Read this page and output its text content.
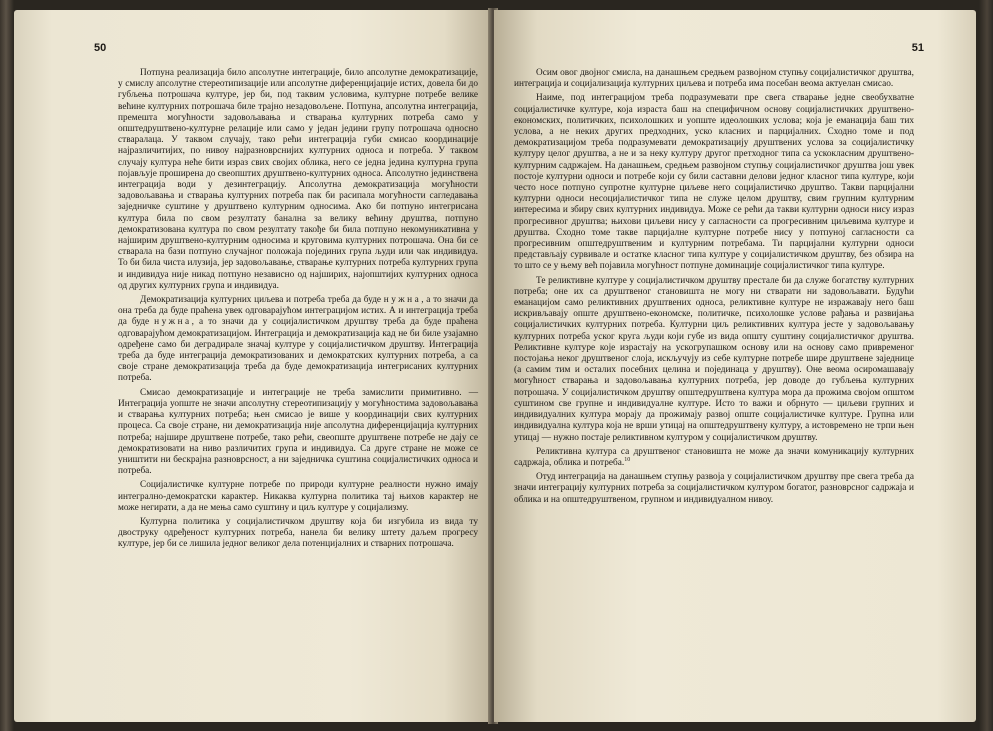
50

Потпуна реализација било апсолутне интеграције, било апсолутне демократизације, у смислу апсолутне стереотипизације или апсолутне диференцијације истих, довела би до губљења потрошача културе, јер би, под таквим условима, културне потребе велике већине културних потрошача биле трајно незадовољене. Потпуна, апсолутна интеграција, премешта могућности задовољавања и стварања културних потреба само у општедруштвено-културне релације или само у један једини групу потрошача односно стваралаца. У таквом случају, тако рећи интеграција губи смисао координације најразличитијих, по нивоу најразноврснијих културних односа и потреба. У таквом случају култура неће бити израз свих својих облика, него се једна једина културна група појављује проширена до свеопштих друштвено-културних односа. Апсолутно јединствена интеграција води у дезинтеграцију. Апсолутна демократизација могућности задовољавања и стварања културних потреба пак би расипала могућности сагледавања заједничке суштине у друштвено културним односима. Ако би потпуно интегрисана култура била по свом резултату банална за велику већину друштва, потпуно демократизована култура по свом резултату такође би била потпуно некомуникативна у најширим друштвено-културним односима и круговима културних потрошача. Она би се стварала на бази потпуно случајног положаја појединих група људи или чак индивидуа. То би била чиста илузија, јер задовољавање, стварање културних потреба културних група и индивидуа није никад потпуно независно од најширих, најопштијих културних односа од других културних група и индивидуа.

Демократизација културних циљева и потреба треба да буде нужна, а то значи да она треба да буде праћена увек одговарајућом интеграцијом истих. А и интеграција треба да буде нужна, а то значи да у социјалистичком друштву треба да буде праћена одговарајућом демократизацијом. Интеграција и демократизација кад не би биле узајамно одређене само би деградирале значај културе у социјалистичком друштву. Интеграција треба да буде интеграција демократизованих и демократских културних потреба, а са своје стране демократизација треба да буде демократизација интегрисаних културних потреба.

Смисао демократизације и интеграције не треба замислити примитивно. — Интеграција уопште не значи апсолутну стереотипизацију у могућностима задовољавања и стварања културних потреба; њен смисао је више у координацији свих културних процеса. Са своје стране, ни демократизација није апсолутна диференцијација културних потреба; најшире друштвене потребе, тако рећи, свеопште друштвене потребе не дају се демократизовати на ниво различитих група и индивидуа. Са друге стране не може се уништити ни бескрајна разноврсност, а ни заједничка суштина социјалистичких односа и потреба.

Социјалистичке културне потребе по природи културне реалности нужно имају интегрално-демократски карактер. Никаква културна политика тај њихов карактер не може негирати, а да не мења само суштину и циљ културе у социјализму.

Културна политика у социјалистичком друштву која би изгубила из вида ту двоструку одређеност културних потреба, нанела би велику штету даљем прогресу културе, јер би се лишила једног великог дела потенцијалних и стварних потрошача.

51

Осим овог двојног смисла, на данашњем средњем развојном ступњу социјалистичког друштва, интеграција и социјализација културних циљева и потреба има посебан веома актуелан смисао.

Наиме, под интеграцијом треба подразумевати пре свега стварање једне свеобухватне социјалистичке културе, која израста баш на специфичном основу социјалистичких друштвено-економских, политичких, психолошких и уопште идеолошких услова; која је еманација баш тих услова, а не неких других предходних, уско класних и парцијалних. Сходно томе и под демократизацијом треба подразумевати демократизацију друштвених услова за социјалистичку културу целог друштва, а не и за неку културу другог претходног типа са ускокласним друштвено-културним садржајем. На данашњем, средњем развојном ступњу социјалистичког друштва још увек постоје културни односи и потребе који су били саставни делови једног класног типа културе, који често носе потпуно супротне културне циљеве него социјалистичко друштво. Такви парцијални културни односи несоцијалистичког типа не служе целом друштву, свим групним културним интересима и збиру свих културних индивидуа. Може се рећи да такви културни односи нису израз прогресивног друштва; њихови циљеви нису у сагласности са прогресивним циљевима културе и друштва. Сходно томе такве парцијалне културне потребе нису у потпуној сагласности са прогресивним општедруштвеним и културним потребама. Ти парцијални културни односи представљају сурвивале и остатке класног типа културе у социјалистичком друштву, без обзира на то што се у њему већ појавила могућност потпуне доминације социјалистичког типа културе.

Те реликтивне културе у социјалистичком друштву престале би да служе богатству културних потреба; оне их са друштвеног становишта не могу ни стварати ни задовољавати. Будући еманацијом само реликтивних друштвених односа, реликтивне културе не изражавају него баш искривљавају опште друштвено-економске, политичке, психолошке услове рађања и развијања социјалистичких културних потреба. Културни циљ реликтивних култура јесте у задовољавању културних потреба уског круга људи који губе из вида општу суштину социјалистичког друштва. Реликтивне културе које израстају на ускогрупашком основу или на основу само привременог постојања неког друштвеног слоја, искључују из себе културне потребе шире друштвене заједнице (а самим тим и осталих посебних целина и појединаца у друштву). Оне веома осиромашавају могућност стварања и задовољавања културних потреба, јер доводе до губљења културних потрошача. У социјалистичком друштву општедруштвена култура мора да прожима својом општом суштином све групне и индивидуалне културе. Исто то важи и обрнуто — циљеви групних и индивидуалних култура морају да прожимају развој опште социјалистичке културе. Групна или индивидуална култура која не врши утицај на општедруштвену културу, а истовремено не трпи њен утицај — нужно постаје реликтивном културом у социјалистичком друштву.

Реликтивна култура са друштвеног становишта не може да значи комуникацију културних садржаја, облика и потреба.$^{10}$

Отуд интеграција на данашњем ступњу развоја у социјалистичком друштву пре свега треба да значи интеграцију културних потреба за социјалистичком културом богатог, разноврсног садржаја и облика и на општедруштвеном, групном и индивидуалном нивоу.
